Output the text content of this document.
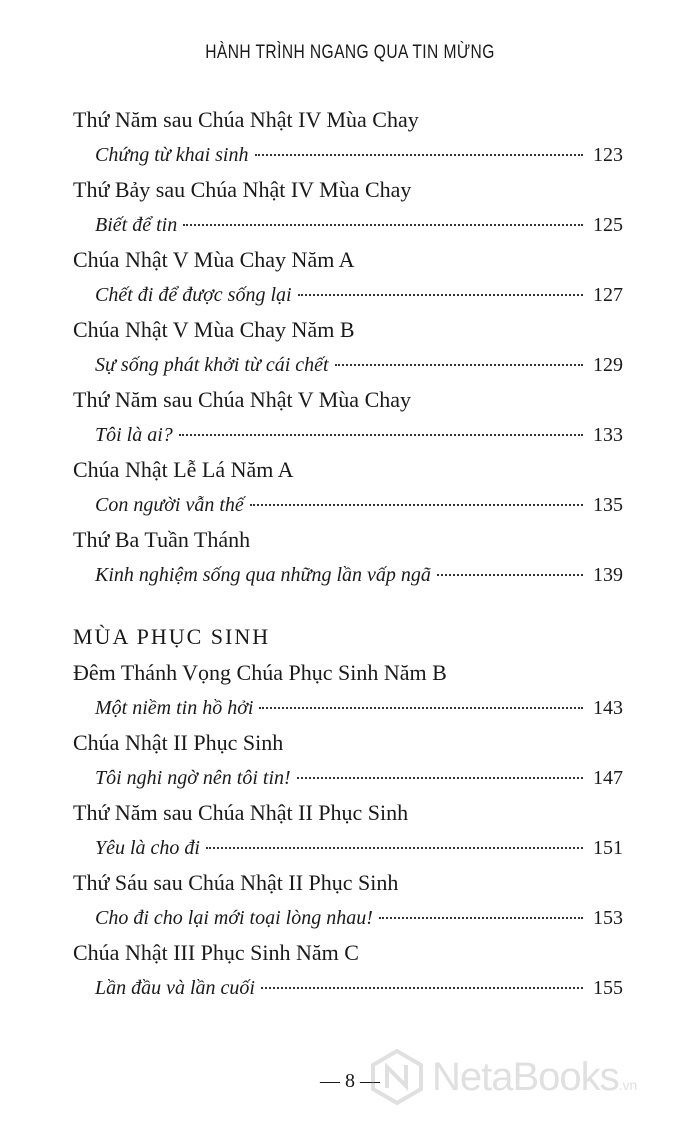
HÀNH TRÌNH NGANG QUA TIN MỪNG
Thứ Năm sau Chúa Nhật IV Mùa Chay
Chứng từ khai sinh	123
Thứ Bảy sau Chúa Nhật IV Mùa Chay
Biết để tin	125
Chúa Nhật V Mùa Chay Năm A
Chết đi để được sống lại	127
Chúa Nhật V Mùa Chay Năm B
Sự sống phát khởi từ cái chết	129
Thứ Năm sau Chúa Nhật V Mùa Chay
Tôi là ai?	133
Chúa Nhật Lễ Lá Năm A
Con người vẫn thế	135
Thứ Ba Tuần Thánh
Kinh nghiệm sống qua những lần vấp ngã	139
MÙA PHỤC SINH
Đêm Thánh Vọng Chúa Phục Sinh Năm B
Một niềm tin hồ hởi	143
Chúa Nhật II Phục Sinh
Tôi nghi ngờ nên tôi tin!	147
Thứ Năm sau Chúa Nhật II Phục Sinh
Yêu là cho đi	151
Thứ Sáu sau Chúa Nhật II Phục Sinh
Cho đi cho lại mới toại lòng nhau!	153
Chúa Nhật III Phục Sinh Năm C
Lần đầu và lần cuối	155
— 8 —	NetaBooks.vn
